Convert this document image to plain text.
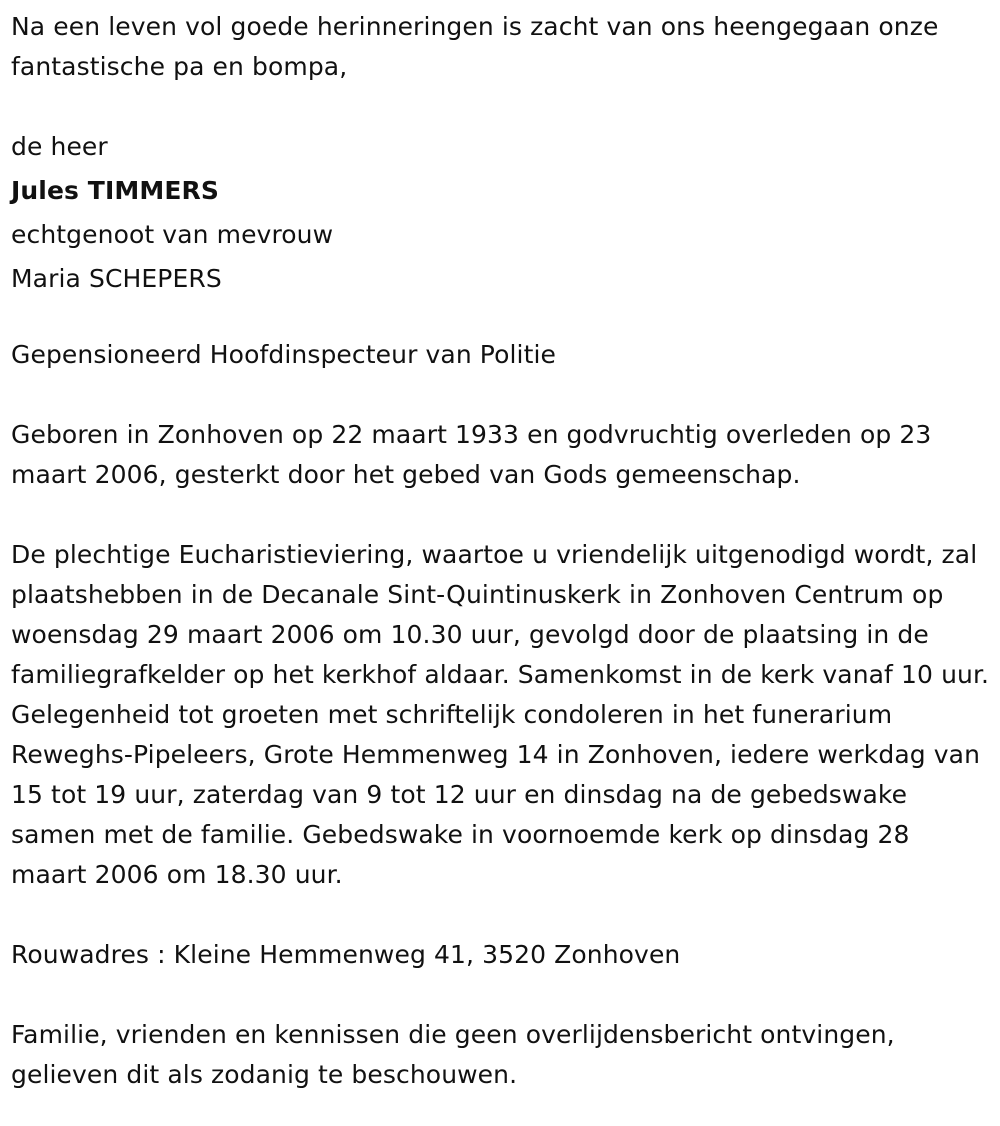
Na een leven vol goede herinneringen is zacht van ons heengegaan onze fantastische pa en bompa,

de heer

Jules TIMMERS

echtgenoot van mevrouw

Maria SCHEPERS

Gepensioneerd Hoofdinspecteur van Politie

Geboren in Zonhoven op 22 maart 1933 en godvruchtig overleden op 23 maart 2006, gesterkt door het gebed van Gods gemeenschap.

De plechtige Eucharistieviering, waartoe u vriendelijk uitgenodigd wordt, zal plaatshebben in de Decanale Sint-Quintinuskerk in Zonhoven Centrum op woensdag 29 maart 2006 om 10.30 uur, gevolgd door de plaatsing in de familiegrafkelder op het kerkhof aldaar. Samenkomst in de kerk vanaf 10 uur. Gelegenheid tot groeten met schriftelijk condoleren in het funerarium Reweghs-Pipeleers, Grote Hemmenweg 14 in Zonhoven, iedere werkdag van 15 tot 19 uur, zaterdag van 9 tot 12 uur en dinsdag na de gebedswake samen met de familie. Gebedswake in voornoemde kerk op dinsdag 28 maart 2006 om 18.30 uur.

Rouwadres : Kleine Hemmenweg 41, 3520 Zonhoven

Familie, vrienden en kennissen die geen overlijdensbericht ontvingen, gelieven dit als zodanig te beschouwen.
